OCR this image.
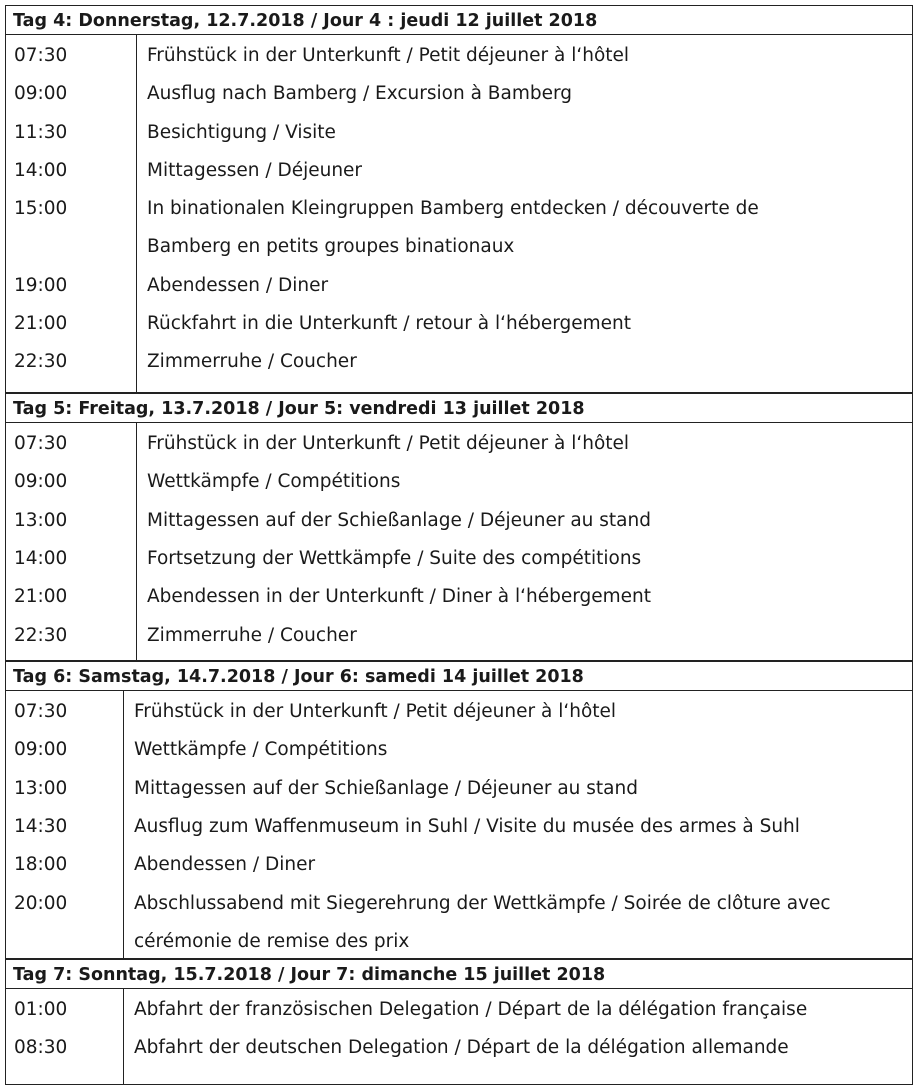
Tag 4: Donnerstag, 12.7.2018 / Jour 4 : jeudi 12 juillet 2018
07:30	Frühstück in der Unterkunft / Petit déjeuner à l‘hôtel
09:00	Ausflug nach Bamberg / Excursion à Bamberg
11:30	Besichtigung / Visite
14:00	Mittagessen / Déjeuner
15:00	In binationalen Kleingruppen Bamberg entdecken / découverte de
Bamberg en petits groupes binationaux
19:00	Abendessen / Diner
21:00	Rückfahrt in die Unterkunft / retour à l‘hébergement
22:30	Zimmerruhe / Coucher
Tag 5: Freitag, 13.7.2018 / Jour 5: vendredi 13 juillet 2018
07:30	Frühstück in der Unterkunft / Petit déjeuner à l‘hôtel
09:00	Wettkämpfe / Compétitions
13:00	Mittagessen auf der Schießanlage / Déjeuner au stand
14:00	Fortsetzung der Wettkämpfe / Suite des compétitions
21:00	Abendessen in der Unterkunft / Diner à l‘hébergement
22:30	Zimmerruhe / Coucher
Tag 6: Samstag, 14.7.2018 / Jour 6: samedi 14 juillet 2018
07:30	Frühstück in der Unterkunft / Petit déjeuner à l‘hôtel
09:00	Wettkämpfe / Compétitions
13:00	Mittagessen auf der Schießanlage / Déjeuner au stand
14:30	Ausflug zum Waffenmuseum in Suhl / Visite du musée des armes à Suhl
18:00	Abendessen / Diner
20:00	Abschlussabend mit Siegerehrung der Wettkämpfe / Soirée de clôture avec
cérémonie de remise des prix
Tag 7: Sonntag, 15.7.2018 / Jour 7: dimanche 15 juillet 2018
01:00	Abfahrt der französischen Delegation / Départ de la délégation française
08:30	Abfahrt der deutschen Delegation / Départ de la délégation allemande
